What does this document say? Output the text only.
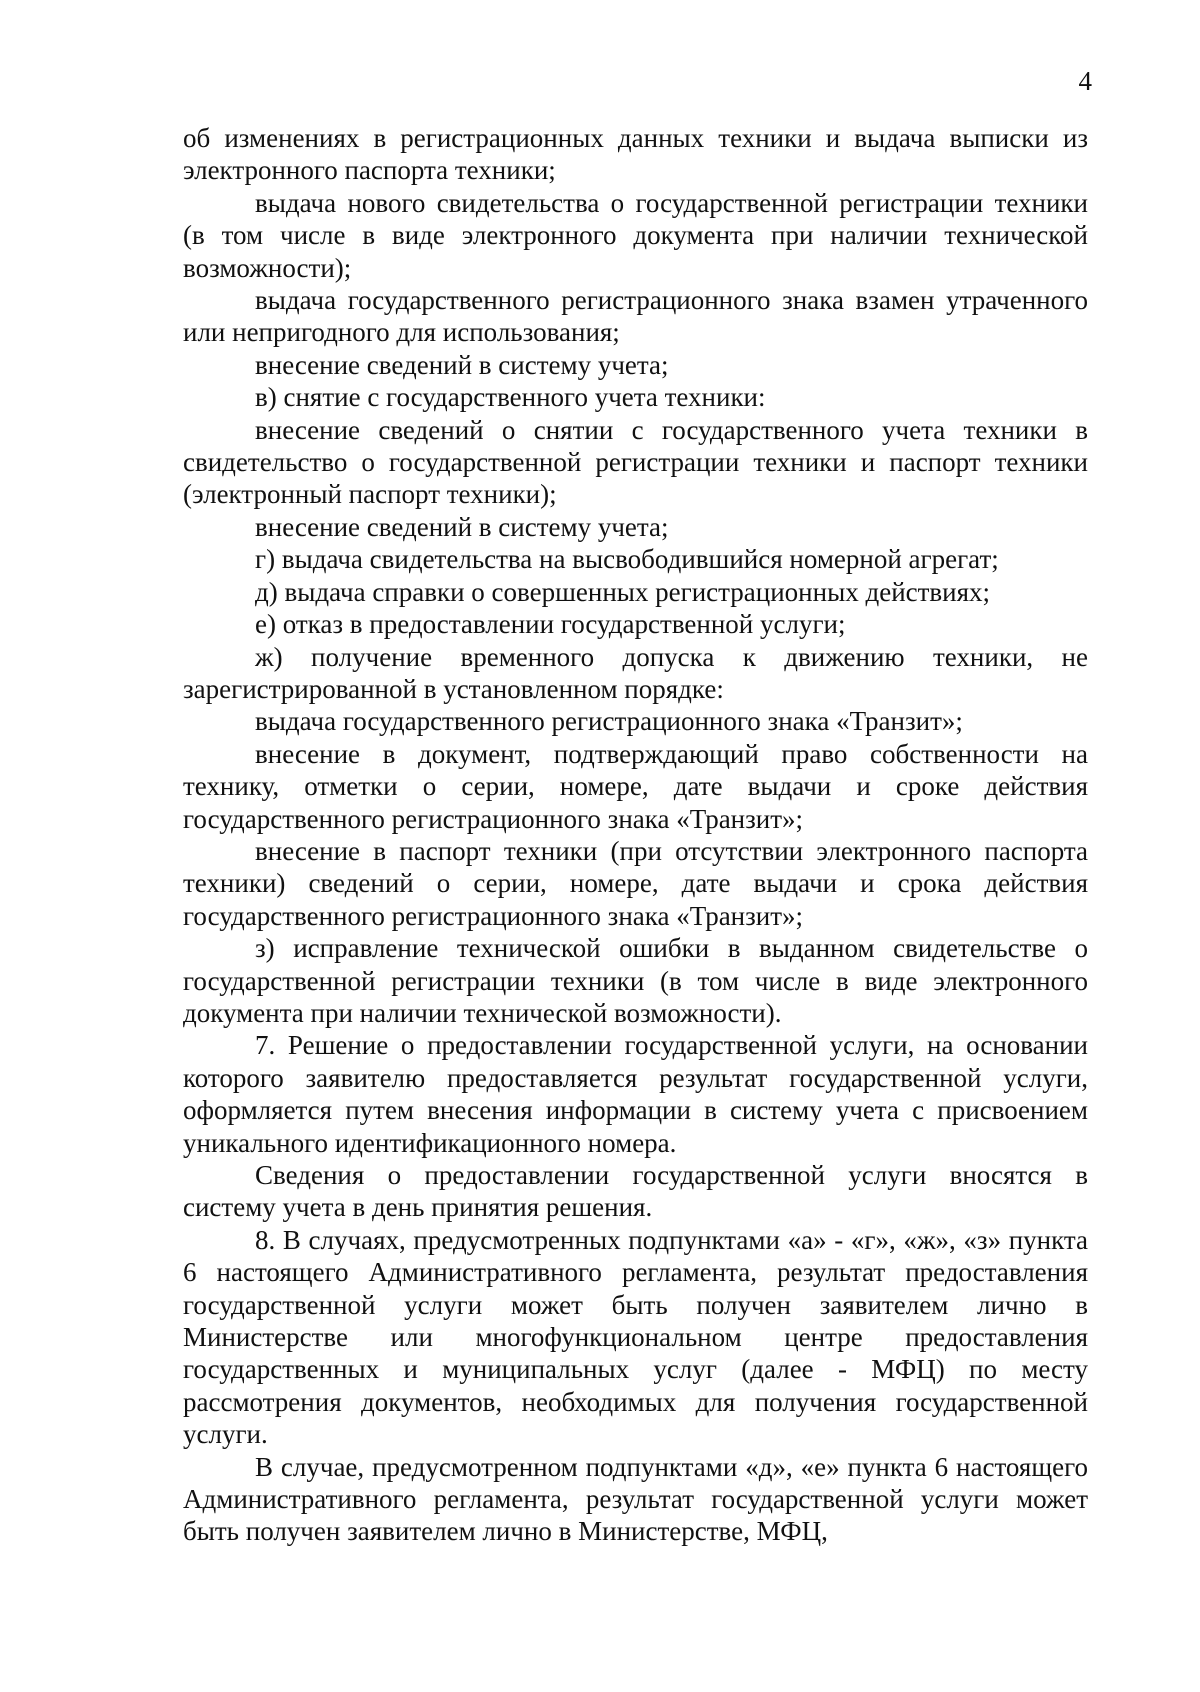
4

об изменениях в регистрационных данных техники и выдача выписки из электронного паспорта техники;

выдача нового свидетельства о государственной регистрации техники (в том числе в виде электронного документа при наличии технической возможности);

выдача государственного регистрационного знака взамен утраченного или непригодного для использования;

внесение сведений в систему учета;

в) снятие с государственного учета техники:

внесение сведений о снятии с государственного учета техники в свидетельство о государственной регистрации техники и паспорт техники (электронный паспорт техники);

внесение сведений в систему учета;

г) выдача свидетельства на высвободившийся номерной агрегат;

д) выдача справки о совершенных регистрационных действиях;

е) отказ в предоставлении государственной услуги;

ж) получение временного допуска к движению техники, не зарегистрированной в установленном порядке:

выдача государственного регистрационного знака «Транзит»;

внесение в документ, подтверждающий право собственности на технику, отметки о серии, номере, дате выдачи и сроке действия государственного регистрационного знака «Транзит»;

внесение в паспорт техники (при отсутствии электронного паспорта техники) сведений о серии, номере, дате выдачи и срока действия государственного регистрационного знака «Транзит»;

з) исправление технической ошибки в выданном свидетельстве о государственной регистрации техники (в том числе в виде электронного документа при наличии технической возможности).

7. Решение о предоставлении государственной услуги, на основании которого заявителю предоставляется результат государственной услуги, оформляется путем внесения информации в систему учета с присвоением уникального идентификационного номера.

Сведения о предоставлении государственной услуги вносятся в систему учета в день принятия решения.

8. В случаях, предусмотренных подпунктами «а» - «г», «ж», «з» пункта 6 настоящего Административного регламента, результат предоставления государственной услуги может быть получен заявителем лично в Министерстве или многофункциональном центре предоставления государственных и муниципальных услуг (далее - МФЦ) по месту рассмотрения документов, необходимых для получения государственной услуги.

В случае, предусмотренном подпунктами «д», «е» пункта 6 настоящего Административного регламента, результат государственной услуги может быть получен заявителем лично в Министерстве, МФЦ,
